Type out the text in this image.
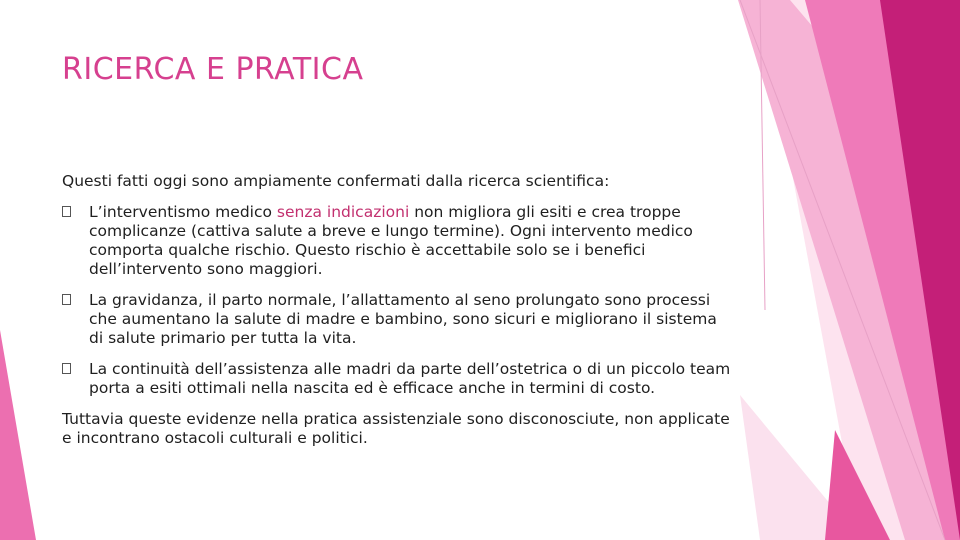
RICERCA E PRATICA

Questi fatti oggi sono ampiamente confermati dalla ricerca scientifica:

L’interventismo medico senza indicazioni non migliora gli esiti e crea troppe complicanze (cattiva salute a breve e lungo termine). Ogni intervento medico comporta qualche rischio. Questo rischio è accettabile solo se i benefici dell’intervento sono maggiori.
La gravidanza, il parto normale, l’allattamento al seno prolungato sono processi che aumentano la salute di madre e bambino, sono sicuri e migliorano il sistema di salute primario per tutta la vita.
La continuità dell’assistenza alle madri da parte dell’ostetrica o di un piccolo team porta a esiti ottimali nella nascita ed è efficace anche in termini di costo.

Tuttavia queste evidenze nella pratica assistenziale sono disconosciute, non applicate e incontrano ostacoli culturali e politici.
